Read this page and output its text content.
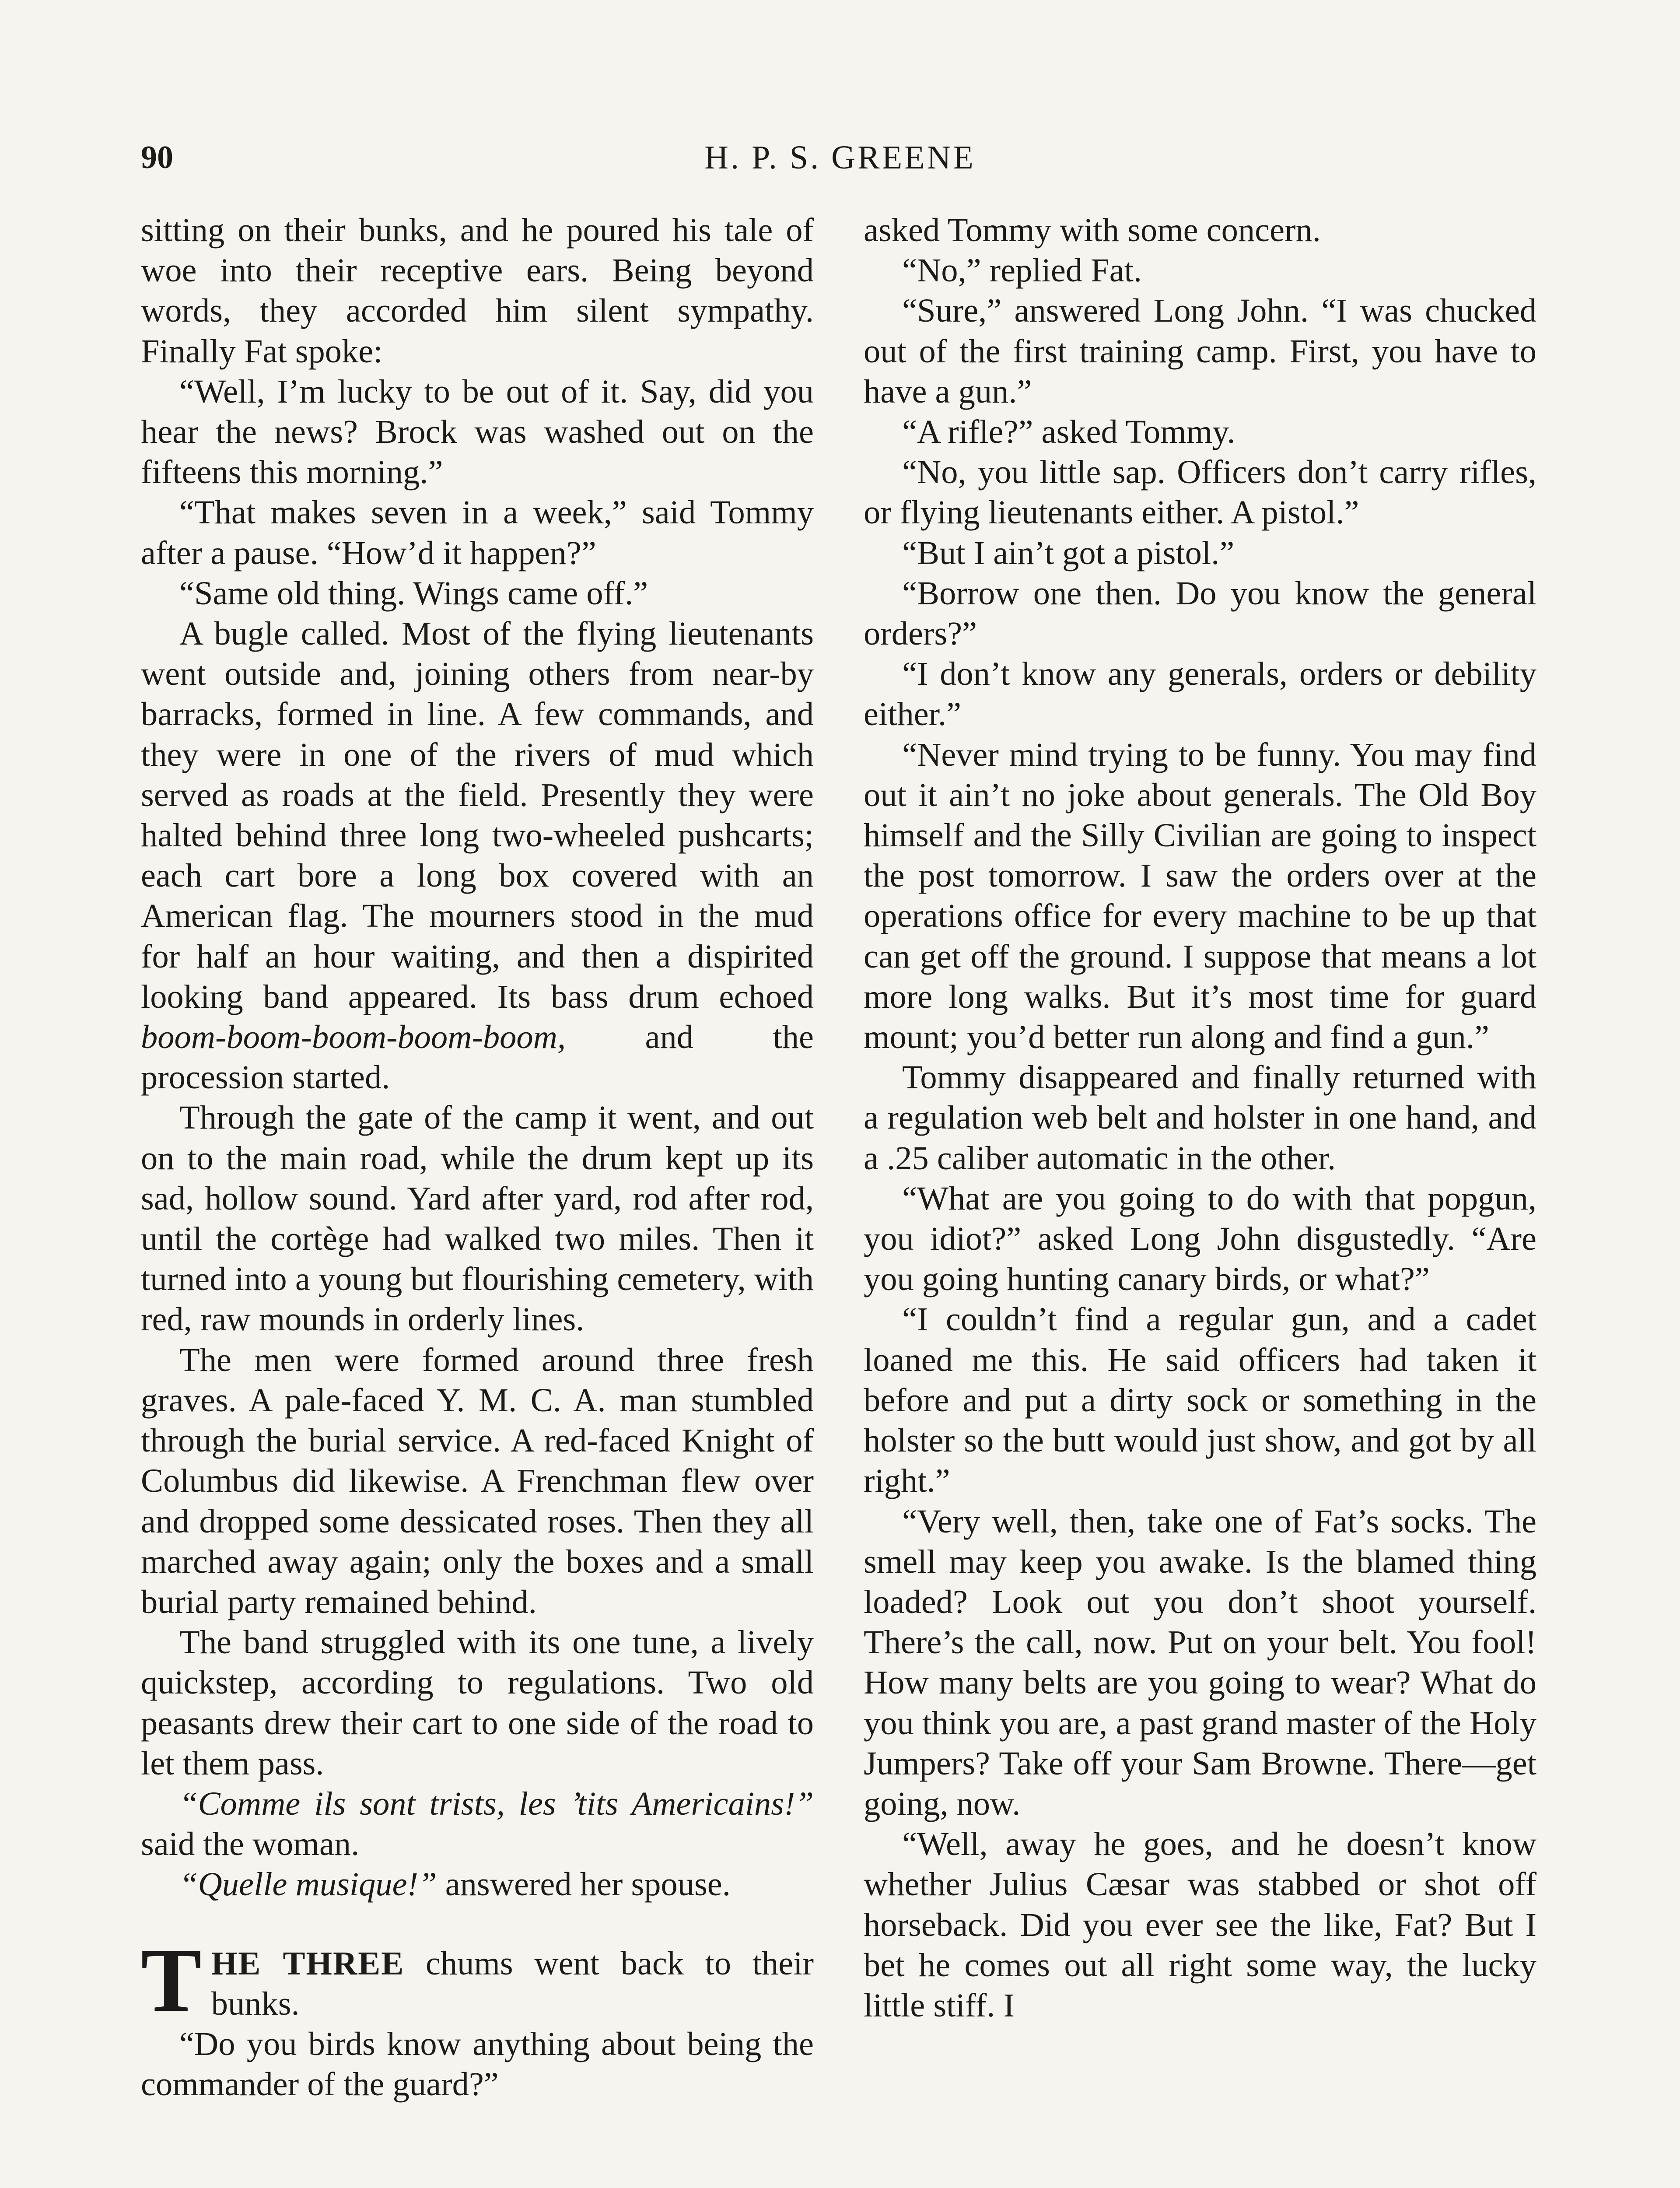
90	H. P. S. GREENE

sitting on their bunks, and he poured his tale of woe into their receptive ears. Being beyond words, they accorded him silent sympathy. Finally Fat spoke:

“Well, I’m lucky to be out of it. Say, did you hear the news? Brock was washed out on the fifteens this morning.”

“That makes seven in a week,” said Tommy after a pause. “How’d it happen?”

“Same old thing. Wings came off.”

A bugle called. Most of the flying lieutenants went outside and, joining others from near-by barracks, formed in line. A few commands, and they were in one of the rivers of mud which served as roads at the field. Presently they were halted behind three long two-wheeled pushcarts; each cart bore a long box covered with an American flag. The mourners stood in the mud for half an hour waiting, and then a dispirited looking band appeared. Its bass drum echoed boom-boom-boom-boom-boom, and the procession started.

Through the gate of the camp it went, and out on to the main road, while the drum kept up its sad, hollow sound. Yard after yard, rod after rod, until the cortège had walked two miles. Then it turned into a young but flourishing cemetery, with red, raw mounds in orderly lines.

The men were formed around three fresh graves. A pale-faced Y. M. C. A. man stumbled through the burial service. A red-faced Knight of Columbus did likewise. A Frenchman flew over and dropped some dessicated roses. Then they all marched away again; only the boxes and a small burial party remained behind.

The band struggled with its one tune, a lively quickstep, according to regulations. Two old peasants drew their cart to one side of the road to let them pass.

“Comme ils sont trists, les ’tits Americains!” said the woman.

“Quelle musique!” answered her spouse.

THE THREE chums went back to their bunks.

“Do you birds know anything about being the commander of the guard?”

asked Tommy with some concern.

“No,” replied Fat.

“Sure,” answered Long John. “I was chucked out of the first training camp. First, you have to have a gun.”

“A rifle?” asked Tommy.

“No, you little sap. Officers don’t carry rifles, or flying lieutenants either. A pistol.”

“But I ain’t got a pistol.”

“Borrow one then. Do you know the general orders?”

“I don’t know any generals, orders or debility either.”

“Never mind trying to be funny. You may find out it ain’t no joke about generals. The Old Boy himself and the Silly Civilian are going to inspect the post tomorrow. I saw the orders over at the operations office for every machine to be up that can get off the ground. I suppose that means a lot more long walks. But it’s most time for guard mount; you’d better run along and find a gun.”

Tommy disappeared and finally returned with a regulation web belt and holster in one hand, and a .25 caliber automatic in the other.

“What are you going to do with that popgun, you idiot?” asked Long John disgustedly. “Are you going hunting canary birds, or what?”

“I couldn’t find a regular gun, and a cadet loaned me this. He said officers had taken it before and put a dirty sock or something in the holster so the butt would just show, and got by all right.”

“Very well, then, take one of Fat’s socks. The smell may keep you awake. Is the blamed thing loaded? Look out you don’t shoot yourself. There’s the call, now. Put on your belt. You fool! How many belts are you going to wear? What do you think you are, a past grand master of the Holy Jumpers? Take off your Sam Browne. There—get going, now.

“Well, away he goes, and he doesn’t know whether Julius Cæsar was stabbed or shot off horseback. Did you ever see the like, Fat? But I bet he comes out all right some way, the lucky little stiff. I
